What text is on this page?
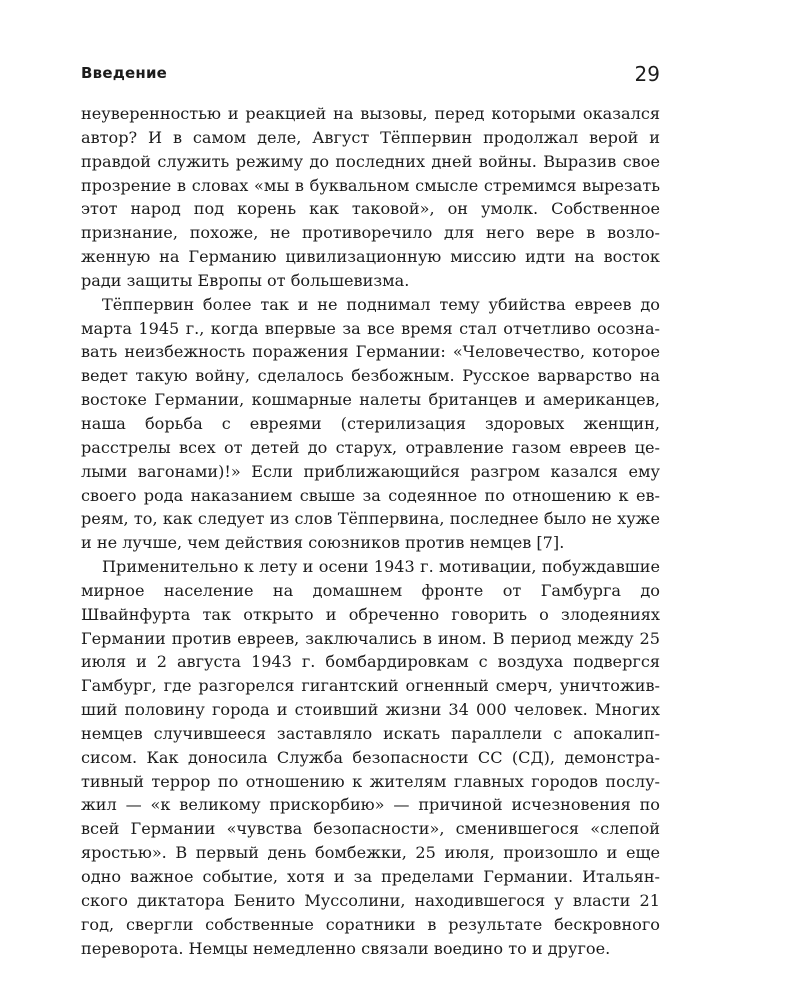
Введение	29

неуверенностью и реакцией на вызовы, перед которыми оказался автор? И в самом деле, Август Тёппервин продолжал верой и правдой служить режиму до последних дней войны. Выразив свое прозрение в словах «мы в буквальном смысле стремимся вырезать этот народ под корень как таковой», он умолк. Собственное признание, похоже, не противоречило для него вере в возложенную на Германию цивилизационную миссию идти на восток ради защиты Европы от большевизма.

Тёппервин более так и не поднимал тему убийства евреев до марта 1945 г., когда впервые за все время стал отчетливо осознавать неизбежность поражения Германии: «Человечество, которое ведет такую войну, сделалось безбожным. Русское варварство на востоке Германии, кошмарные налеты британцев и американцев, наша борьба с евреями (стерилизация здоровых женщин, расстрелы всех от детей до старух, отравление газом евреев целыми вагонами)!» Если приближающийся разгром казался ему своего рода наказанием свыше за содеянное по отношению к евреям, то, как следует из слов Тёппервина, последнее было не хуже и не лучше, чем действия союзников против немцев [7].

Применительно к лету и осени 1943 г. мотивации, побуждавшие мирное население на домашнем фронте от Гамбурга до Швайнфурта так открыто и обреченно говорить о злодеяниях Германии против евреев, заключались в ином. В период между 25 июля и 2 августа 1943 г. бомбардировкам с воздуха подвергся Гамбург, где разгорелся гигантский огненный смерч, уничтоживший половину города и стоивший жизни 34 000 человек. Многих немцев случившееся заставляло искать параллели с апокалипсисом. Как доносила Служба безопасности СС (СД), демонстративный террор по отношению к жителям главных городов послужил — «к великому прискорбию» — причиной исчезновения по всей Германии «чувства безопасности», сменившегося «слепой яростью». В первый день бомбежки, 25 июля, произошло и еще одно важное событие, хотя и за пределами Германии. Итальянского диктатора Бенито Муссолини, находившегося у власти 21 год, свергли собственные соратники в результате бескровного переворота. Немцы немедленно связали воедино то и другое.
